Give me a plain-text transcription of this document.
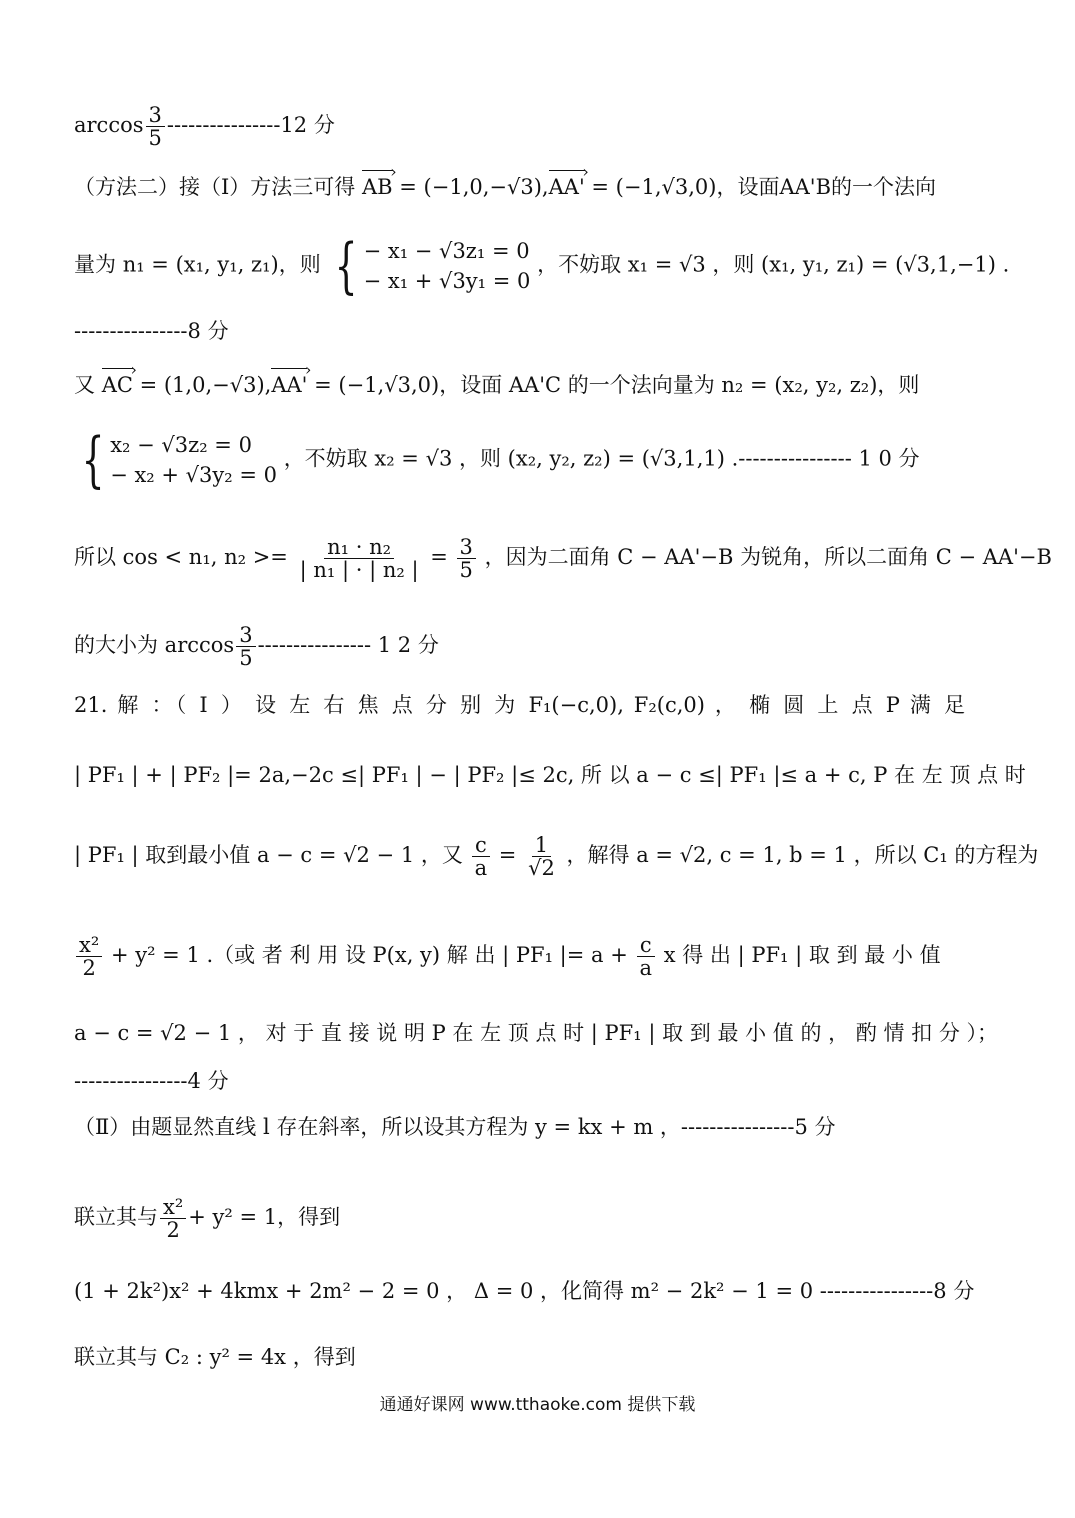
$\arccos \frac{3}{5} ----------------12$ 分
（方法二）接（Ⅰ）方法三可得 AB › = (−1,0,−√3),AA' › = (−1,√3,0)，设面AA'B的一个法向
量为 n₁ = (x₁, y₁, z₁)，则 { − x₁ − √3z₁ = 0
− x₁ + √3y₁ = 0
，不妨取 x₁ = √3 ，则 (x₁, y₁, z₁) = (√3,1,−1) .
----------------8 分
又 AC › = (1,0,−√3),AA' › = (−1,√3,0)，设面 AA'C 的一个法向量为 n₂ = (x₂, y₂, z₂)，则
{ x₂ − √3z₂ = 0
− x₂ + √3y₂ = 0
，不妨取 x₂ = √3 ，则 (x₂, y₂, z₂) = (√3,1,1) .---------------- 1 0 分
所以 cos < n₁, $n_2 >= \frac{\text{n₁ · n₂}}{\text{| n₁ | · | n₂ |}} = \frac{3}{5}$ ，因为二面角 C − AA'−B 为锐角，所以二面角 C − AA'−B
的大小为 $\arccos \frac{3}{5}$ ---------------- 1 2 分
21. 解 ：（ Ⅰ ） 设 左 右 焦 点 分 别 为 F₁(−c,0), F₂(c,0) ， 椭 圆 上 点 P 满 足
| PF₁ | + | PF₂ |= 2a,−2c ≤| PF₁ | − | PF₂ |≤ 2c, 所 以 a − c ≤| PF₁ |≤ a + c, P 在 左 顶 点 时
| PF₁ | 取到最小值 a − c = √2 − 1 ，又 $\frac{c}{a} = \frac{1}{√2}$ ，解得 a = √2, c = 1, b = 1 ，所以 C₁ 的方程为
$\frac{\text{x²}}{2} + y^2 = 1$ .（或 者 利 用 设 P(x, y) 解 出 | PF₁ |= $a + \frac{c}{a}$ x 得 出 | PF₁ | 取 到 最 小 值
a − c = √2 − 1 ， 对 于 直 接 说 明 P 在 左 顶 点 时 | PF₁ | 取 到 最 小 值 的 ， 酌 情 扣 分 ）；
----------------4 分
（Ⅱ）由题显然直线 l 存在斜率，所以设其方程为 y = kx + m ，----------------5 分
联立其与 $\frac{\text{x²}}{2} + y^2 = 1$，得到
(1 + 2k²)x² + 4kmx + 2m² − 2 = 0 ， Δ = 0 ，化简得 m² − 2k² − 1 = 0 ----------------8 分
联立其与 C₂ : y² = 4x ，得到
通通好课网 www.tthaoke.com 提供下载
